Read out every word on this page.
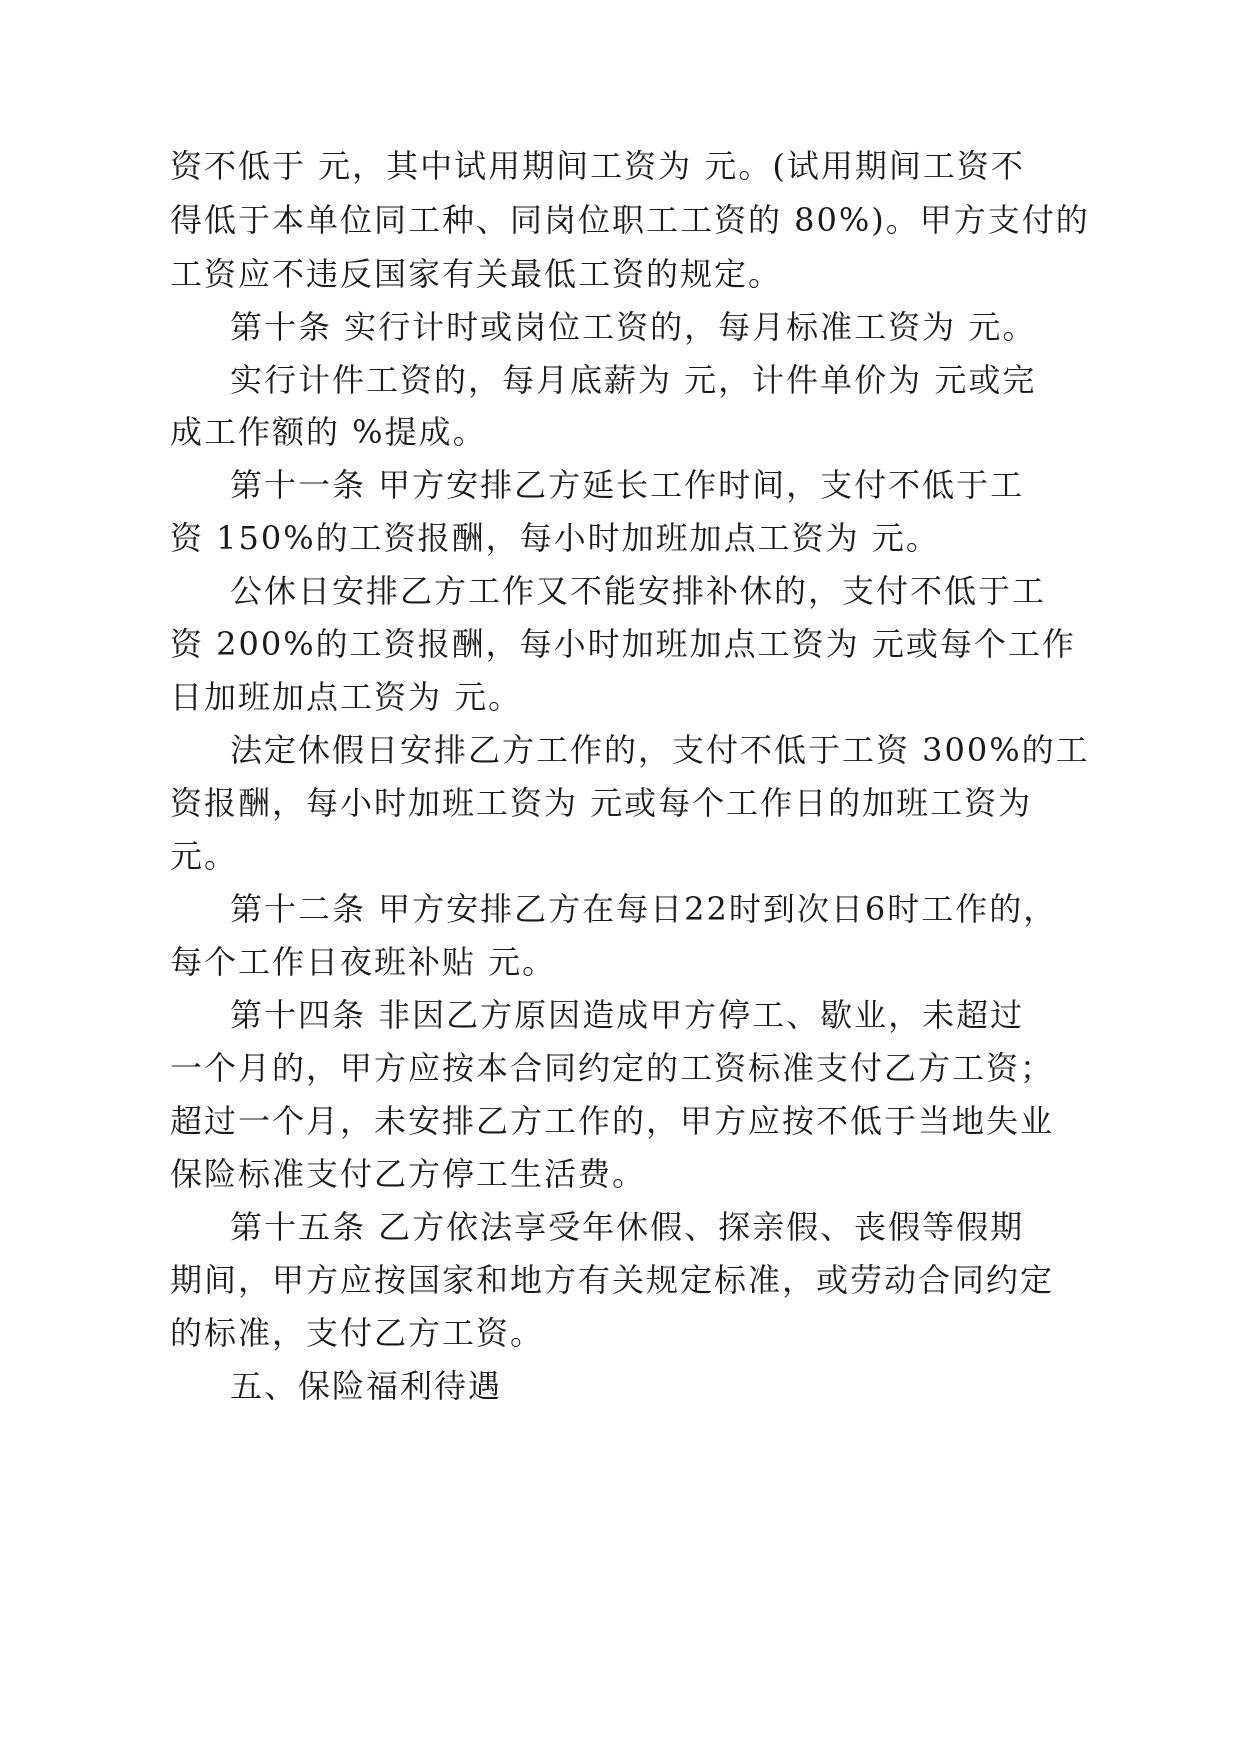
资不低于 元，其中试用期间工资为 元。(试用期间工资不
得低于本单位同工种、同岗位职工工资的 80%)。甲方支付的
工资应不违反国家有关最低工资的规定。
第十条 实行计时或岗位工资的，每月标准工资为 元。
实行计件工资的，每月底薪为 元，计件单价为 元或完
成工作额的 %提成。
第十一条 甲方安排乙方延长工作时间，支付不低于工
资 150%的工资报酬，每小时加班加点工资为 元。
公休日安排乙方工作又不能安排补休的，支付不低于工
资 200%的工资报酬，每小时加班加点工资为 元或每个工作
日加班加点工资为 元。
法定休假日安排乙方工作的，支付不低于工资 300%的工
资报酬，每小时加班工资为 元或每个工作日的加班工资为
元。
第十二条 甲方安排乙方在每日22时到次日6时工作的，
每个工作日夜班补贴 元。
第十四条 非因乙方原因造成甲方停工、歇业，未超过
一个月的，甲方应按本合同约定的工资标准支付乙方工资；
超过一个月，未安排乙方工作的，甲方应按不低于当地失业
保险标准支付乙方停工生活费。
第十五条 乙方依法享受年休假、探亲假、丧假等假期
期间，甲方应按国家和地方有关规定标准，或劳动合同约定
的标准，支付乙方工资。
五、保险福利待遇
